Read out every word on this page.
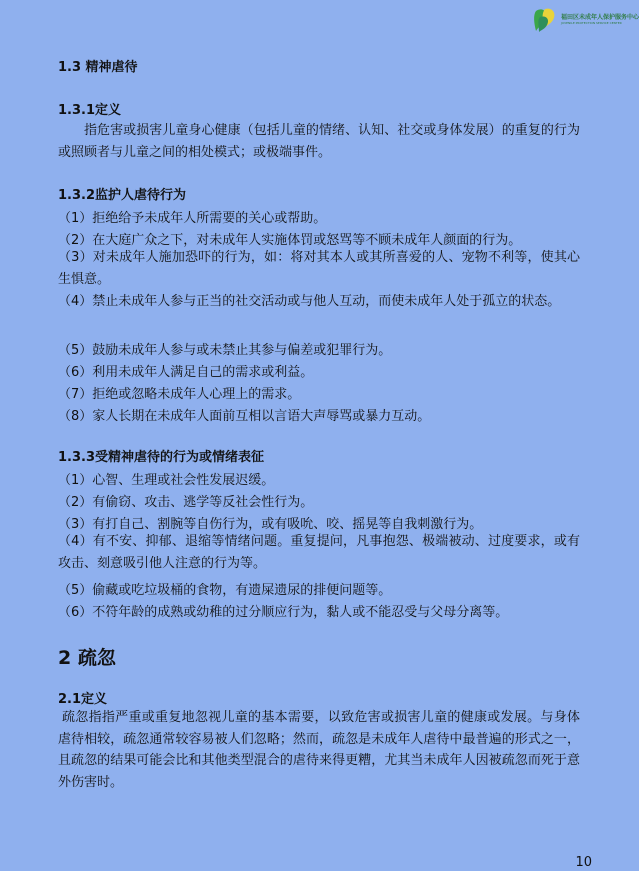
福田区未成年人保护服务中心
JUVENILE PROTECTION SERVICE CENTER
1.3 精神虐待
1.3.1定义
指危害或损害儿童身心健康（包括儿童的情绪、认知、社交或身体发展）的重复的行为或照顾者与儿童之间的相处模式；或极端事件。
1.3.2监护人虐待行为
（1）拒绝给予未成年人所需要的关心或帮助。
（2）在大庭广众之下，对未成年人实施体罚或怒骂等不顾未成年人颜面的行为。
（3）对未成年人施加恐吓的行为，如：将对其本人或其所喜爱的人、宠物不利等，使其心生惧意。
（4）禁止未成年人参与正当的社交活动或与他人互动，而使未成年人处于孤立的状态。
（5）鼓励未成年人参与或未禁止其参与偏差或犯罪行为。
（6）利用未成年人满足自己的需求或利益。
（7）拒绝或忽略未成年人心理上的需求。
（8）家人长期在未成年人面前互相以言语大声辱骂或暴力互动。
1.3.3受精神虐待的行为或情绪表征
（1）心智、生理或社会性发展迟缓。
（2）有偷窃、攻击、逃学等反社会性行为。
（3）有打自己、割腕等自伤行为，或有吸吮、咬、摇晃等自我刺激行为。
（4）有不安、抑郁、退缩等情绪问题。重复提问，凡事抱怨、极端被动、过度要求，或有攻击、刻意吸引他人注意的行为等。
（5）偷藏或吃垃圾桶的食物，有遗屎遗尿的排便问题等。
（6）不符年龄的成熟或幼稚的过分顺应行为，黏人或不能忍受与父母分离等。
2 疏忽
2.1定义
疏忽指指严重或重复地忽视儿童的基本需要，以致危害或损害儿童的健康或发展。与身体虐待相较，疏忽通常较容易被人们忽略；然而，疏忽是未成年人虐待中最普遍的形式之一，且疏忽的结果可能会比和其他类型混合的虐待来得更糟，尤其当未成年人因被疏忽而死于意外伤害时。
10
